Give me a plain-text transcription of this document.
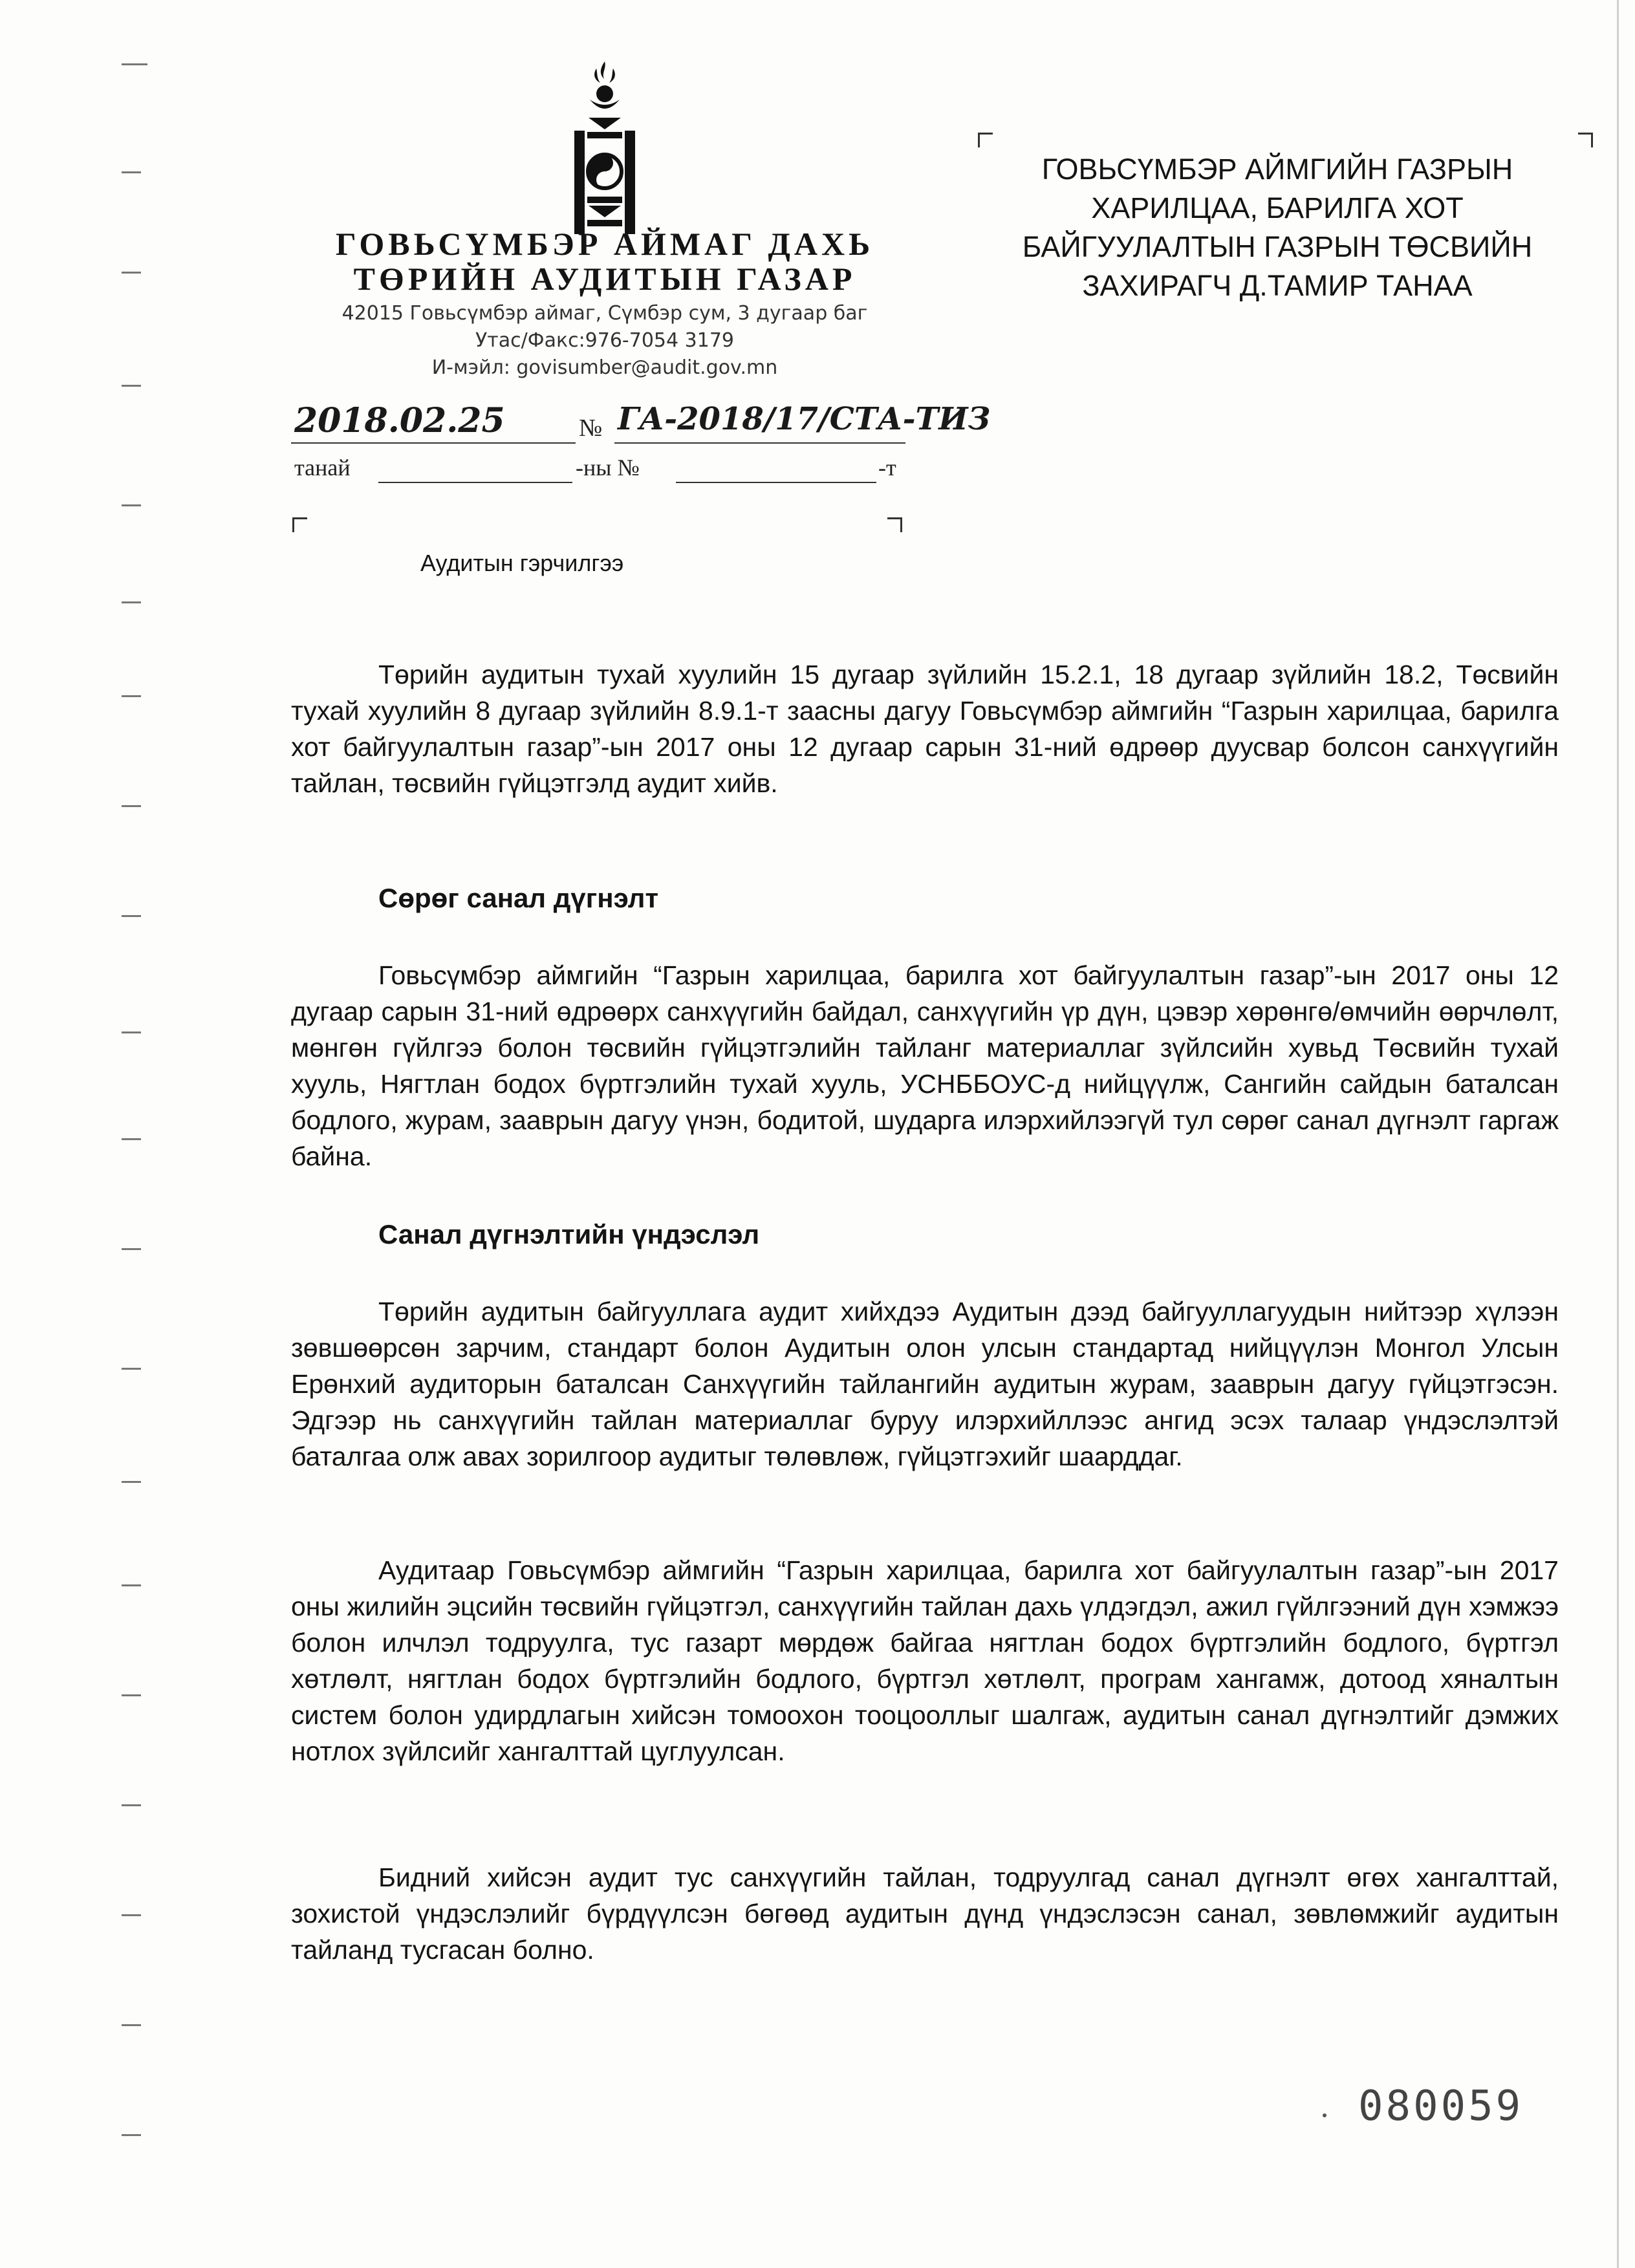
ГОВЬСҮМБЭР АЙМАГ ДАХЬ

ТӨРИЙН АУДИТЫН ГАЗАР

42015 Говьсүмбэр аймаг, Сүмбэр сум, 3 дугаар баг

Утас/Факс:976-7054 3179

И-мэйл: govisumber@audit.gov.mn

ГОВЬСҮМБЭР АЙМГИЙН ГАЗРЫН
ХАРИЛЦАА, БАРИЛГА ХОТ
БАЙГУУЛАЛТЫН ГАЗРЫН ТӨСВИЙН
ЗАХИРАГЧ Д.ТАМИР ТАНАА
2018.02.25	№ ГА-2018/17/СТА-ТИЗ
танай	-ны №	-т
Аудитын гэрчилгээ

Төрийн аудитын тухай хуулийн 15 дугаар зүйлийн 15.2.1, 18 дугаар зүйлийн 18.2, Төсвийн тухай хуулийн 8 дугаар зүйлийн 8.9.1-т заасны дагуу Говьсүмбэр аймгийн “Газрын харилцаа, барилга хот байгуулалтын газар”-ын 2017 оны 12 дугаар сарын 31-ний өдрөөр дуусвар болсон санхүүгийн тайлан, төсвийн гүйцэтгэлд аудит хийв.

Сөрөг санал дүгнэлт

Говьсүмбэр аймгийн “Газрын харилцаа, барилга хот байгуулалтын газар”-ын 2017 оны 12 дугаар сарын 31-ний өдрөөрх санхүүгийн байдал, санхүүгийн үр дүн, цэвэр хөрөнгө/өмчийн өөрчлөлт, мөнгөн гүйлгээ болон төсвийн гүйцэтгэлийн тайланг материаллаг зүйлсийн хувьд Төсвийн тухай хууль, Нягтлан бодох бүртгэлийн тухай хууль, УСНББОУС-д нийцүүлж, Сангийн сайдын баталсан бодлого, журам, зааврын дагуу үнэн, бодитой, шударга илэрхийлээгүй тул сөрөг санал дүгнэлт гаргаж байна.

Санал дүгнэлтийн үндэслэл

Төрийн аудитын байгууллага аудит хийхдээ Аудитын дээд байгууллагуудын нийтээр хүлээн зөвшөөрсөн зарчим, стандарт болон Аудитын олон улсын стандартад нийцүүлэн Монгол Улсын Ерөнхий аудиторын баталсан Санхүүгийн тайлангийн аудитын журам, зааврын дагуу гүйцэтгэсэн. Эдгээр нь санхүүгийн тайлан материаллаг буруу илэрхийллээс ангид эсэх талаар үндэслэлтэй баталгаа олж авах зорилгоор аудитыг төлөвлөж, гүйцэтгэхийг шаарддаг.

Аудитаар Говьсүмбэр аймгийн “Газрын харилцаа, барилга хот байгуулалтын газар”-ын 2017 оны жилийн эцсийн төсвийн гүйцэтгэл, санхүүгийн тайлан дахь үлдэгдэл, ажил гүйлгээний дүн хэмжээ болон илчлэл тодруулга, тус газарт мөрдөж байгаа нягтлан бодох бүртгэлийн бодлого, бүртгэл хөтлөлт, нягтлан бодох бүртгэлийн бодлого, бүртгэл хөтлөлт, програм хангамж, дотоод хяналтын систем болон удирдлагын хийсэн томоохон тооцооллыг шалгаж, аудитын санал дүгнэлтийг дэмжих нотлох зүйлсийг хангалттай цуглуулсан.

Бидний хийсэн аудит тус санхүүгийн тайлан, тодруулгад санал дүгнэлт өгөх хангалттай, зохистой үндэслэлийг бүрдүүлсэн бөгөөд аудитын дүнд үндэслэсэн санал, зөвлөмжийг аудитын тайланд тусгасан болно.

080059
